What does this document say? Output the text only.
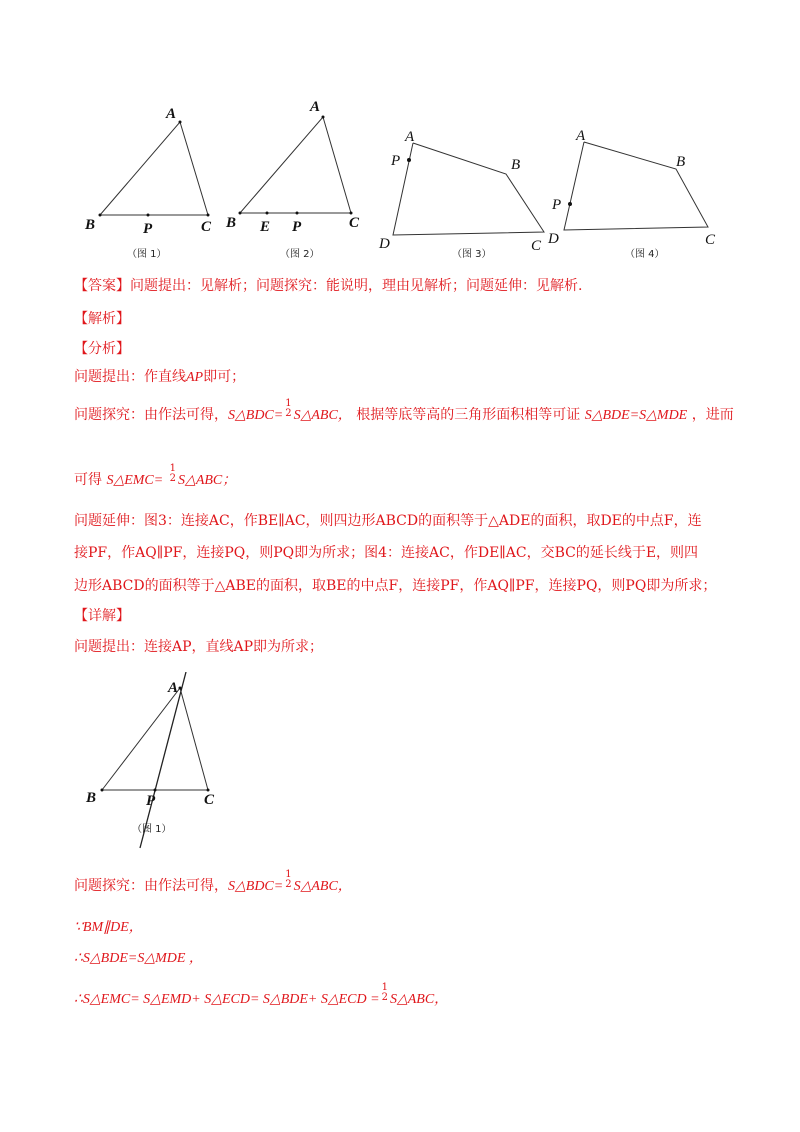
A
B	C
P
（图 1）
A
B	C
E P
（图 2）
A
B
C
D
P
（图 3）
A
B
C
D
P
（图 4）
【答案】问题提出：见解析；问题探究：能说明，理由见解析；问题延伸：见解析.
【解析】
【分析】
问题提出：作直线AP即可；
问题探究：由作法可得，S△BDC=
1
2 S△ABC， 根据等底等高的三角形面积相等可证 S△BDE=S△MDE ，进而
可得 S△EMC=
1
2 S△ABC；
问题延伸：图3：连接AC，作BE∥AC，则四边形ABCD的面积等于△ADE的面积，取DE的中点F，连
接PF，作AQ∥PF，连接PQ，则PQ即为所求；图4：连接AC，作DE∥AC，交BC的延长线于E，则四
边形ABCD的面积等于△ABE的面积，取BE的中点F，连接PF，作AQ∥PF，连接PQ，则PQ即为所求；
【详解】
问题提出：连接AP，直线AP即为所求；
A
B	C
P
（图 1）
问题探究：由作法可得，S△BDC=
1
2 S△ABC，
∵BM∥DE，
∴S△BDE=S△MDE ，
∴S△EMC= S△EMD+ S△ECD= S△BDE+ S△ECD =
1
2 S△ABC，
